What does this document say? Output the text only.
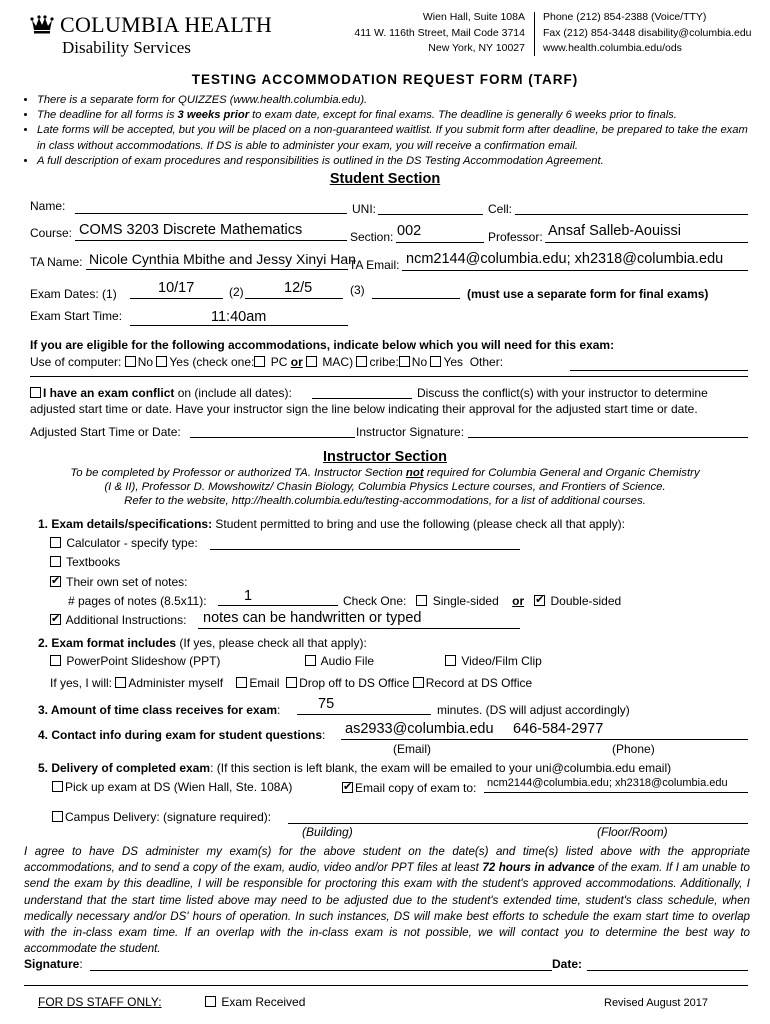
COLUMBIA HEALTH
Disability Services
Wien Hall, Suite 108A
411 W. 116th Street, Mail Code 3714
New York, NY 10027
Phone (212) 854-2388 (Voice/TTY)
Fax (212) 854-3448 disability@columbia.edu
www.health.columbia.edu/ods
TESTING ACCOMMODATION REQUEST FORM (TARF)
• There is a separate form for QUIZZES (www.health.columbia.edu).
• The deadline for all forms is 3 weeks prior to exam date, except for final exams. The deadline is generally 6 weeks prior to finals.
• Late forms will be accepted, but you will be placed on a non-guaranteed waitlist. If you submit form after deadline, be prepared to take the exam in class without accommodations. If DS is able to administer your exam, you will receive a confirmation email.
• A full description of exam procedures and responsibilities is outlined in the DS Testing Accommodation Agreement.
Student Section
Name:	UNI:	Cell:
Course: COMS 3203 Discrete Mathematics	Section: 002	Professor: Ansaf Salleb-Aouissi
TA Name: Nicole Cynthia Mbithe and Jessy Xinyi Han
TA Email: ncm2144@columbia.edu; xh2318@columbia.edu
Exam Dates: (1)	10/17	(2)	12/5	(3)	(must use a separate form for final exams)
Exam Start Time:	11:40am
If you are eligible for the following accommodations, indicate below which you will need for this exam:
Use of computer: No Yes (check one: PC or MAC) cribe: No Yes Other:
I have an exam conflict on (include all dates):	Discuss the conflict(s) with your instructor to determine
adjusted start time or date. Have your instructor sign the line below indicating their approval for the adjusted start time or date.
Adjusted Start Time or Date:	Instructor Signature:
Instructor Section
To be completed by Professor or authorized TA. Instructor Section not required for Columbia General and Organic Chemistry
(I & II), Professor D. Mowshowitz/ Chasin Biology, Columbia Physics Lecture courses, and Frontiers of Science.
Refer to the website, http://health.columbia.edu/testing-accommodations, for a list of additional courses.
1. Exam details/specifications: Student permitted to bring and use the following (please check all that apply):
Calculator - specify type:
Textbooks
✔ Their own set of notes:
# pages of notes (8.5x11):	1	Check One: Single-sided or ✔ Double-sided
✔ Additional Instructions: notes can be handwritten or typed
2. Exam format includes (If yes, please check all that apply):
PowerPoint Slideshow (PPT)	Audio File	Video/Film Clip
If yes, I will: Administer myself Email Drop off to DS Office Record at DS Office
3. Amount of time class receives for exam:	75	minutes. (DS will adjust accordingly)
4. Contact info during exam for student questions: as2933@columbia.edu 646-584-2977
(Email)	(Phone)
5. Delivery of completed exam: (If this section is left blank, the exam will be emailed to your uni@columbia.edu email)
Pick up exam at DS (Wien Hall, Ste. 108A) ✔	Email copy of exam to: ncm2144@columbia.edu; xh2318@columbia.edu
Campus Delivery: (signature required):
(Building)	(Floor/Room)
I agree to have DS administer my exam(s) for the above student on the date(s) and time(s) listed above with the appropriate accommodations, and to send a copy of the exam, audio, video and/or PPT files at least 72 hours in advance of the exam. If I am unable to send the exam by this deadline, I will be responsible for proctoring this exam with the student's approved accommodations. Additionally, I understand that the start time listed above may need to be adjusted due to the student's extended time, student's class schedule, when medically necessary and/or DS' hours of operation. In such instances, DS will make best efforts to schedule the exam start time to overlap with the in-class exam time. If an overlap with the in-class exam is not possible, we will contact you to determine the best way to accommodate the student.
Signature:	Date:
FOR DS STAFF ONLY:	Exam Received	Revised August 2017
